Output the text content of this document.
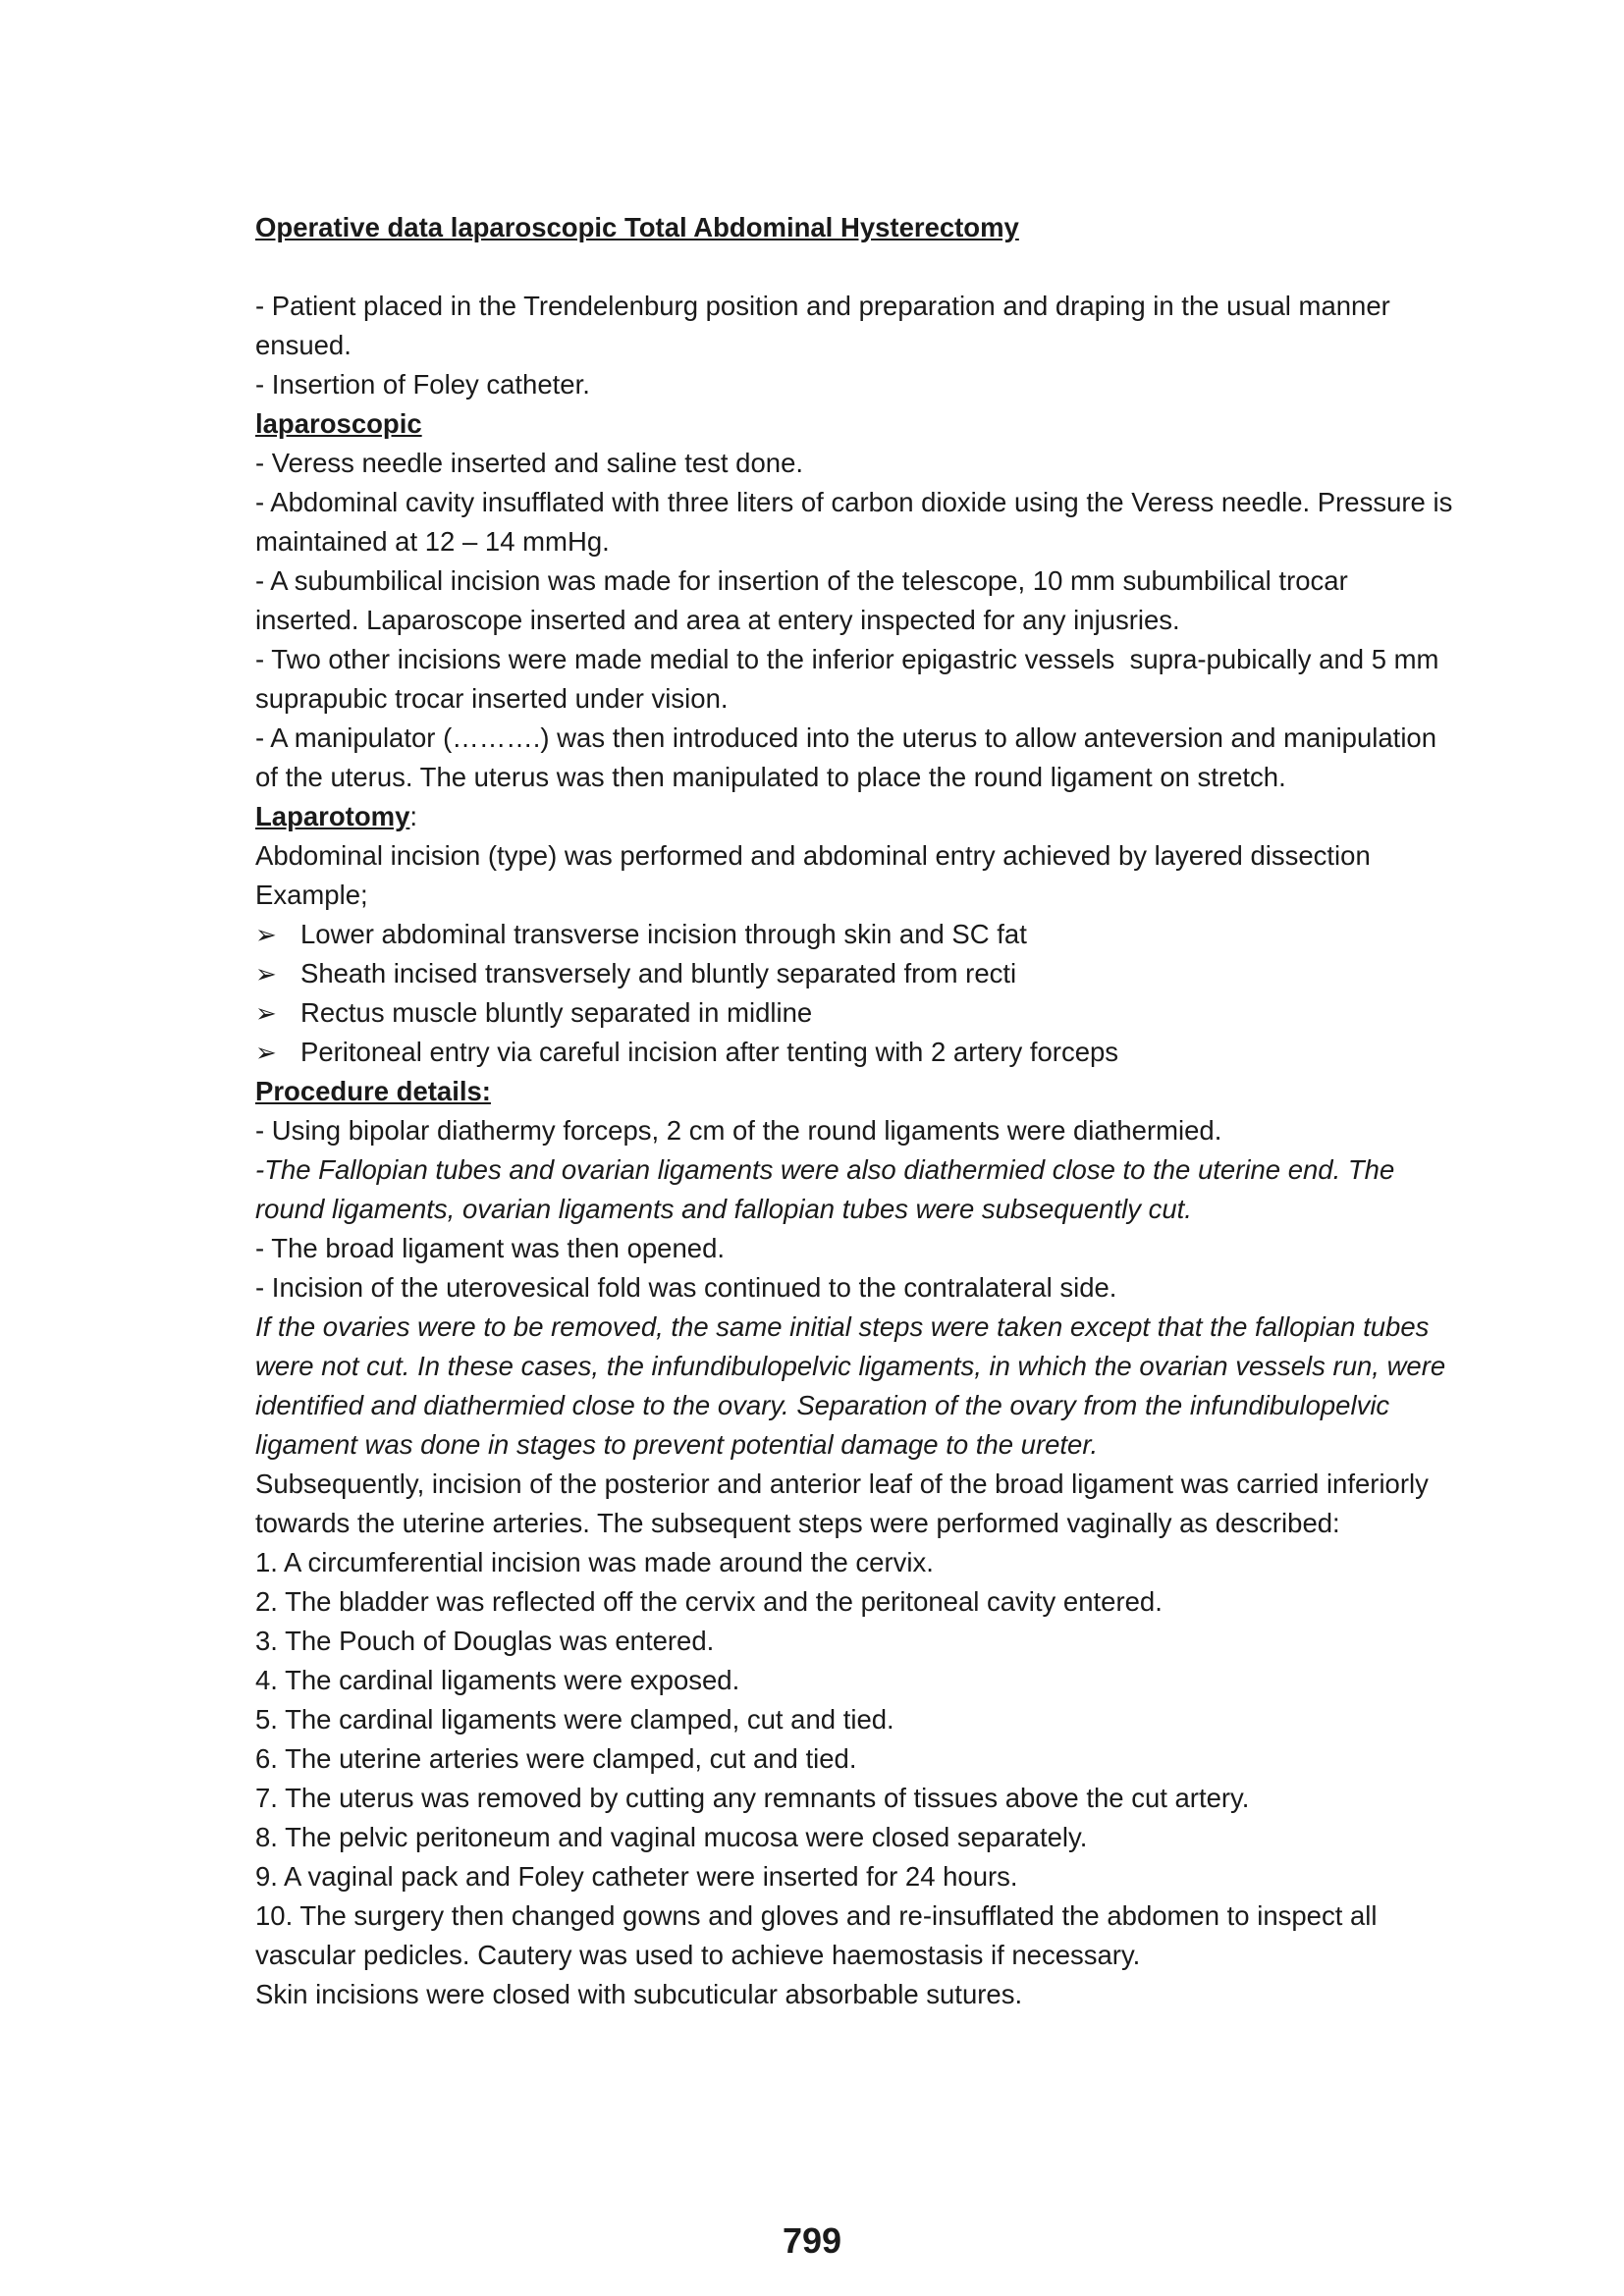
Operative data laparoscopic Total Abdominal Hysterectomy
- Patient placed in the Trendelenburg position and preparation and draping in the usual manner ensued.
- Insertion of Foley catheter.
laparoscopic
- Veress needle inserted and saline test done.
- Abdominal cavity insufflated with three liters of carbon dioxide using the Veress needle. Pressure is maintained at 12 – 14 mmHg.
- A subumbilical incision was made for insertion of the telescope, 10 mm subumbilical trocar inserted. Laparoscope inserted and area at entery inspected for any injusries.
- Two other incisions were made medial to the inferior epigastric vessels  supra-pubically and 5 mm suprapubic trocar inserted under vision.
- A manipulator (……….) was then introduced into the uterus to allow anteversion and manipulation of the uterus. The uterus was then manipulated to place the round ligament on stretch.
Laparotomy:
Abdominal incision (type) was performed and abdominal entry achieved by layered dissection Example;
➢ Lower abdominal transverse incision through skin and SC fat
➢ Sheath incised transversely and bluntly separated from recti
➢ Rectus muscle bluntly separated in midline
➢ Peritoneal entry via careful incision after tenting with 2 artery forceps
Procedure details:
- Using bipolar diathermy forceps, 2 cm of the round ligaments were diathermied.
-The Fallopian tubes and ovarian ligaments were also diathermied close to the uterine end. The round ligaments, ovarian ligaments and fallopian tubes were subsequently cut.
- The broad ligament was then opened.
- Incision of the uterovesical fold was continued to the contralateral side.
If the ovaries were to be removed, the same initial steps were taken except that the fallopian tubes were not cut. In these cases, the infundibulopelvic ligaments, in which the ovarian vessels run, were identified and diathermied close to the ovary. Separation of the ovary from the infundibulopelvic ligament was done in stages to prevent potential damage to the ureter.
Subsequently, incision of the posterior and anterior leaf of the broad ligament was carried inferiorly towards the uterine arteries. The subsequent steps were performed vaginally as described:
1. A circumferential incision was made around the cervix.
2. The bladder was reflected off the cervix and the peritoneal cavity entered.
3. The Pouch of Douglas was entered.
4. The cardinal ligaments were exposed.
5. The cardinal ligaments were clamped, cut and tied.
6. The uterine arteries were clamped, cut and tied.
7. The uterus was removed by cutting any remnants of tissues above the cut artery.
8. The pelvic peritoneum and vaginal mucosa were closed separately.
9. A vaginal pack and Foley catheter were inserted for 24 hours.
10. The surgery then changed gowns and gloves and re-insufflated the abdomen to inspect all vascular pedicles. Cautery was used to achieve haemostasis if necessary.
Skin incisions were closed with subcuticular absorbable sutures.
799
